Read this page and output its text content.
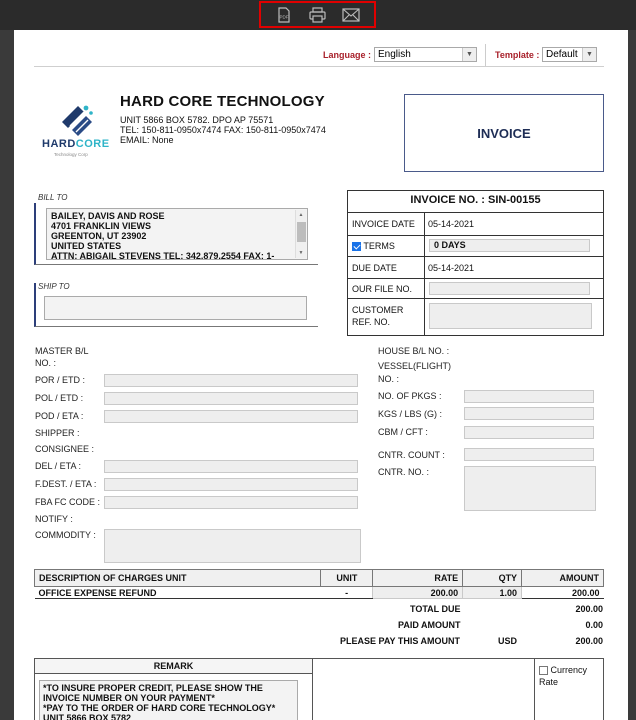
PDF
Language : English	▼	Template : Default	▼
HARDCORE
Technology Corp
HARD CORE TECHNOLOGY
UNIT 5866 BOX 5782. DPO AP 75571
TEL: 150-811-0950x7474 FAX: 150-811-0950x7474
EMAIL: None	INVOICE
BILL TO
BAILEY, DAVIS AND ROSE
4701 FRANKLIN VIEWS
GREENTON, UT 23902
UNITED STATES
ATTN: ABIGAIL STEVENS TEL: 342.879.2554 FAX: 1-
▲
▼
SHIP TO
INVOICE NO. : SIN-00155
INVOICE DATE 05-14-2021
TERMS	0 DAYS
DUE DATE	05-14-2021
OUR FILE NO.
CUSTOMER
REF. NO.
MASTER B/L
NO. :
POR / ETD :
POL / ETD :
POD / ETA :
SHIPPER :
CONSIGNEE :
DEL / ETA :
F.DEST. / ETA :
FBA FC CODE :
NOTIFY :
COMMODITY :
HOUSE B/L NO. :
VESSEL(FLIGHT)
NO. :
NO. OF PKGS :
KGS / LBS (G) :
CBM / CFT :
CNTR. COUNT :
CNTR. NO. :
DESCRIPTION OF CHARGES UNIT	UNIT	RATE	QTY	AMOUNT
OFFICE EXPENSE REFUND	-	200.00	1.00	200.00
TOTAL DUE	200.00
PAID AMOUNT	0.00
PLEASE PAY THIS AMOUNT	USD	200.00
REMARK
*TO INSURE PROPER CREDIT, PLEASE SHOW THE
INVOICE NUMBER ON YOUR PAYMENT*
*PAY TO THE ORDER OF HARD CORE TECHNOLOGY*
UNIT 5866 BOX 5782
Currency
Rate
